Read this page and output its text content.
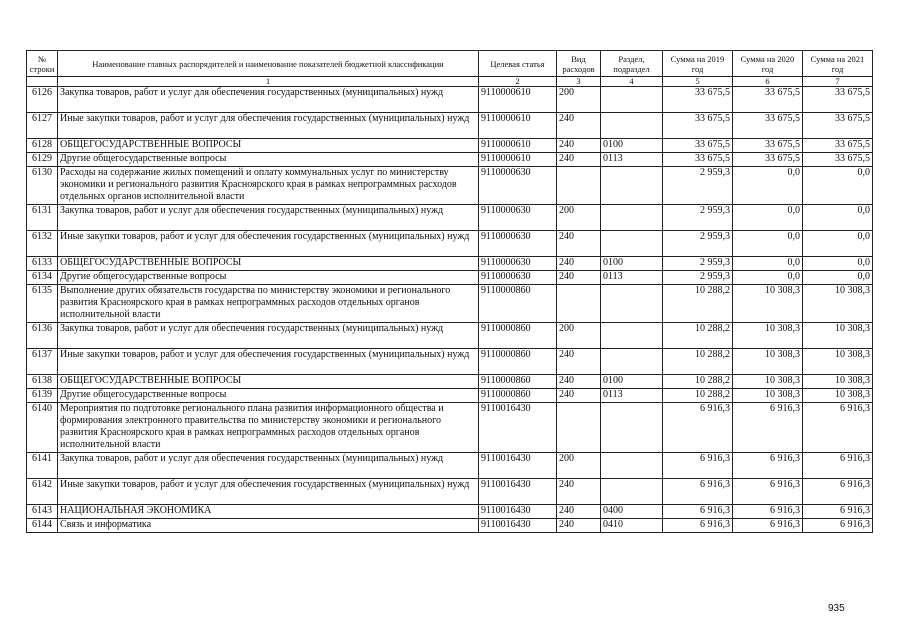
№ строки	Наименование главных распорядителей и наименование показателей бюджетной классификации	Целевая статья	Вид расходов	Раздел, подраздел	Сумма на 2019 год	Сумма на 2020 год	Сумма на 2021 год
	1	2	3	4	5	6	7
6126	Закупка товаров, работ и услуг для обеспечения государственных (муниципальных) нужд	9110000610	200		33 675,5	33 675,5	33 675,5
6127	Иные закупки товаров, работ и услуг для обеспечения государственных (муниципальных) нужд	9110000610	240		33 675,5	33 675,5	33 675,5
6128	ОБЩЕГОСУДАРСТВЕННЫЕ ВОПРОСЫ	9110000610	240	0100	33 675,5	33 675,5	33 675,5
6129	Другие общегосударственные вопросы	9110000610	240	0113	33 675,5	33 675,5	33 675,5
6130	Расходы на содержание жилых помещений и оплату коммунальных услуг по министерству экономики и регионального развития Красноярского края в рамках непрограммных расходов отдельных органов исполнительной власти	9110000630			2 959,3	0,0	0,0
6131	Закупка товаров, работ и услуг для обеспечения государственных (муниципальных) нужд	9110000630	200		2 959,3	0,0	0,0
6132	Иные закупки товаров, работ и услуг для обеспечения государственных (муниципальных) нужд	9110000630	240		2 959,3	0,0	0,0
6133	ОБЩЕГОСУДАРСТВЕННЫЕ ВОПРОСЫ	9110000630	240	0100	2 959,3	0,0	0,0
6134	Другие общегосударственные вопросы	9110000630	240	0113	2 959,3	0,0	0,0
6135	Выполнение других обязательств государства по министерству экономики и регионального развития Красноярского края в рамках непрограммных расходов отдельных органов исполнительной власти	9110000860			10 288,2	10 308,3	10 308,3
6136	Закупка товаров, работ и услуг для обеспечения государственных (муниципальных) нужд	9110000860	200		10 288,2	10 308,3	10 308,3
6137	Иные закупки товаров, работ и услуг для обеспечения государственных (муниципальных) нужд	9110000860	240		10 288,2	10 308,3	10 308,3
6138	ОБЩЕГОСУДАРСТВЕННЫЕ ВОПРОСЫ	9110000860	240	0100	10 288,2	10 308,3	10 308,3
6139	Другие общегосударственные вопросы	9110000860	240	0113	10 288,2	10 308,3	10 308,3
6140	Мероприятия по подготовке регионального плана развития информационного общества и формирования электронного правительства по министерству экономики и регионального развития Красноярского края в рамках непрограммных расходов отдельных органов исполнительной власти	9110016430			6 916,3	6 916,3	6 916,3
6141	Закупка товаров, работ и услуг для обеспечения государственных (муниципальных) нужд	9110016430	200		6 916,3	6 916,3	6 916,3
6142	Иные закупки товаров, работ и услуг для обеспечения государственных (муниципальных) нужд	9110016430	240		6 916,3	6 916,3	6 916,3
6143	НАЦИОНАЛЬНАЯ ЭКОНОМИКА	9110016430	240	0400	6 916,3	6 916,3	6 916,3
6144	Связь и информатика	9110016430	240	0410	6 916,3	6 916,3	6 916,3
935
